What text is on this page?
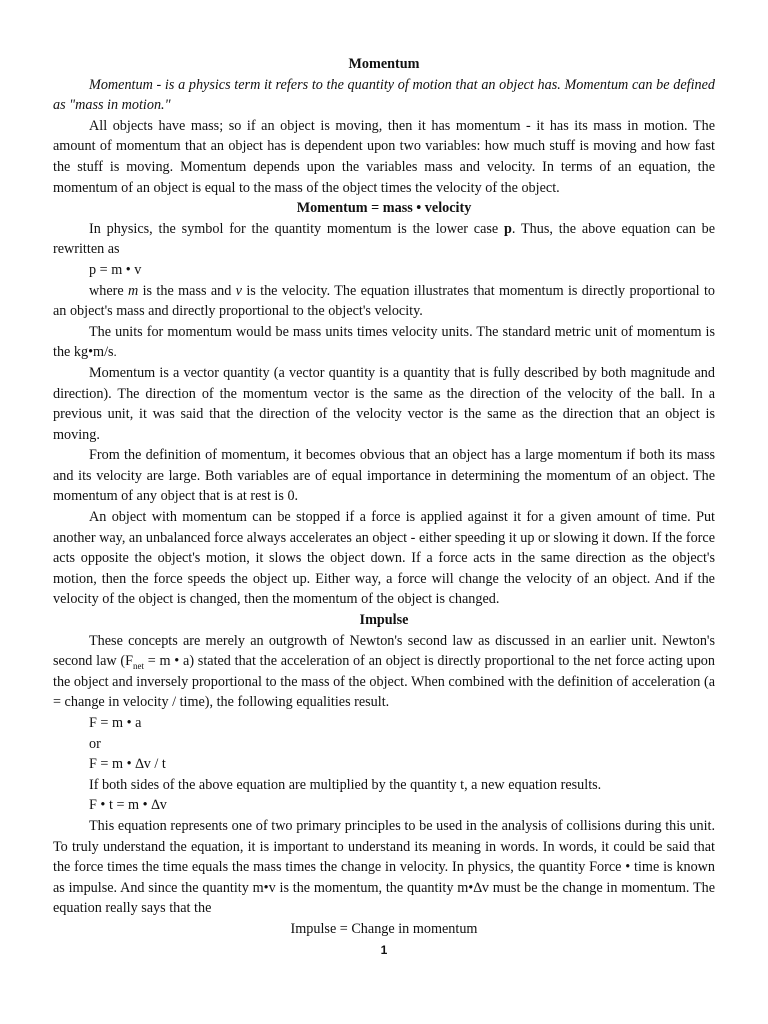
Momentum

Momentum - is a physics term it refers to the quantity of motion that an object has. Momentum can be defined as "mass in motion."

All objects have mass; so if an object is moving, then it has momentum - it has its mass in motion. The amount of momentum that an object has is dependent upon two variables: how much stuff is moving and how fast the stuff is moving. Momentum depends upon the variables mass and velocity. In terms of an equation, the momentum of an object is equal to the mass of the object times the velocity of the object.

Momentum = mass • velocity

In physics, the symbol for the quantity momentum is the lower case p. Thus, the above equation can be rewritten as

p = m • v

where m is the mass and v is the velocity. The equation illustrates that momentum is directly proportional to an object's mass and directly proportional to the object's velocity.

The units for momentum would be mass units times velocity units. The standard metric unit of momentum is the kg•m/s.

Momentum is a vector quantity (a vector quantity is a quantity that is fully described by both magnitude and direction). The direction of the momentum vector is the same as the direction of the velocity of the ball. In a previous unit, it was said that the direction of the velocity vector is the same as the direction that an object is moving.

From the definition of momentum, it becomes obvious that an object has a large momentum if both its mass and its velocity are large. Both variables are of equal importance in determining the momentum of an object. The momentum of any object that is at rest is 0.

An object with momentum can be stopped if a force is applied against it for a given amount of time. Put another way, an unbalanced force always accelerates an object - either speeding it up or slowing it down. If the force acts opposite the object's motion, it slows the object down. If a force acts in the same direction as the object's motion, then the force speeds the object up. Either way, a force will change the velocity of an object. And if the velocity of the object is changed, then the momentum of the object is changed.

Impulse

These concepts are merely an outgrowth of Newton's second law as discussed in an earlier unit. Newton's second law ($F_{net} = m$ • a) stated that the acceleration of an object is directly proportional to the net force acting upon the object and inversely proportional to the mass of the object. When combined with the definition of acceleration (a = change in velocity / time), the following equalities result.

F = m • a

or

F = m • ∆v / t

If both sides of the above equation are multiplied by the quantity t, a new equation results.

F • t = m • ∆v

This equation represents one of two primary principles to be used in the analysis of collisions during this unit. To truly understand the equation, it is important to understand its meaning in words. In words, it could be said that the force times the time equals the mass times the change in velocity. In physics, the quantity Force • time is known as impulse. And since the quantity m•v is the momentum, the quantity m•∆v must be the change in momentum. The equation really says that the

Impulse = Change in momentum

1
